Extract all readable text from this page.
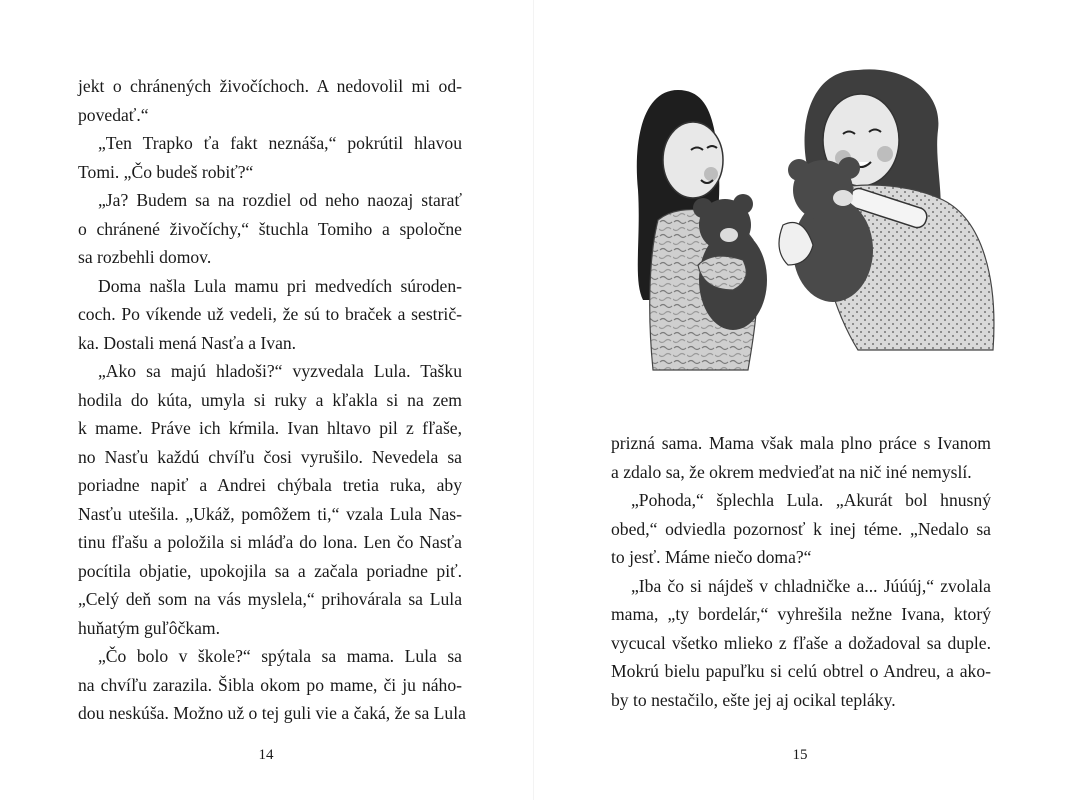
jekt o chránených živočíchoch. A nedovolil mi od-
povedať.“
„Ten Trapko ťa fakt neznáša,“ pokrútil hlavou
Tomi. „Čo budeš robiť?“
„Ja? Budem sa na rozdiel od neho naozaj starať
o chránené živočíchy,“ štuchla Tomiho a spoločne
sa rozbehli domov.
Doma našla Lula mamu pri medvedích súroden-
coch. Po víkende už vedeli, že sú to braček a sestrič-
ka. Dostali mená Nasťa a Ivan.
„Ako sa majú hladoši?“ vyzvedala Lula. Tašku
hodila do kúta, umyla si ruky a kľakla si na zem
k mame. Práve ich kŕmila. Ivan hltavo pil z fľaše,
no Nasťu každú chvíľu čosi vyrušilo. Nevedela sa
poriadne napiť a Andrei chýbala tretia ruka, aby
Nasťu utešila. „Ukáž, pomôžem ti,“ vzala Lula Nas-
tinu fľašu a položila si mláďa do lona. Len čo Nasťa
pocítila objatie, upokojila sa a začala poriadne piť.
„Celý deň som na vás myslela,“ prihovárala sa Lula
huňatým guľôčkam.
„Čo bolo v škole?“ spýtala sa mama. Lula sa
na chvíľu zarazila. Šibla okom po mame, či ju náho-
dou neskúša. Možno už o tej guli vie a čaká, že sa Lula
14
prizná sama. Mama však mala plno práce s Ivanom
a zdalo sa, že okrem medvieďat na nič iné nemyslí.
„Pohoda,“ šplechla Lula. „Akurát bol hnusný
obed,“ odviedla pozornosť k inej téme. „Nedalo sa
to jesť. Máme niečo doma?“
„Iba čo si nájdeš v chladničke a... Júúúj,“ zvolala
mama, „ty bordelár,“ vyhrešila nežne Ivana, ktorý
vycucal všetko mlieko z fľaše a dožadoval sa duple.
Mokrú bielu papuľku si celú obtrel o Andreu, a ako-
by to nestačilo, ešte jej aj ocikal tepláky.
15
